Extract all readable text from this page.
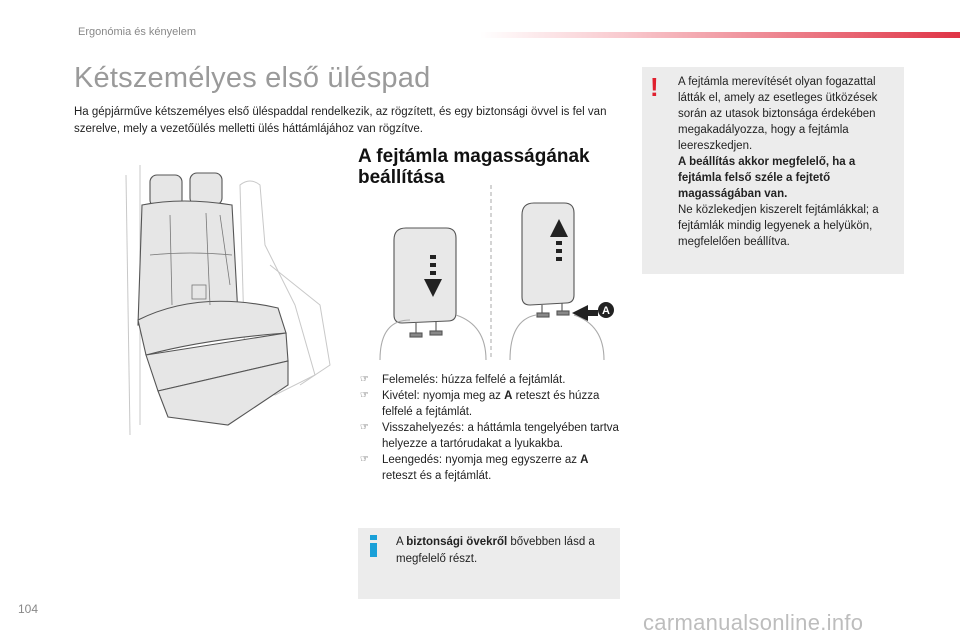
Ergonómia és kényelem
Kétszemélyes első üléspad
Ha gépjárműve kétszemélyes első üléspaddal rendelkezik, az rögzített, és egy biztonsági övvel is fel van szerelve, mely a vezetőülés melletti ülés háttámlájához van rögzítve.
A fejtámla magasságának beállítása
A
☞ Felemelés: húzza felfelé a fejtámlát.
☞ Kivétel: nyomja meg az A reteszt és húzza felfelé a fejtámlát.
☞ Visszahelyezés: a háttámla tengelyében tartva helyezze a tartórudakat a lyukakba.
☞ Leengedés: nyomja meg egyszerre az A reteszt és a fejtámlát.
A biztonsági övekről bővebben lásd a megfelelő részt.
! A fejtámla merevítését olyan fogazattal látták el, amely az esetleges ütközések során az utasok biztonsága érdekében megakadályozza, hogy a fejtámla leereszkedjen.
A beállítás akkor megfelelő, ha a fejtámla felső széle a fejtető magasságában van.
Ne közlekedjen kiszerelt fejtámlákkal; a fejtámlák mindig legyenek a helyükön, megfelelően beállítva.
104
carmanualsonline.info
